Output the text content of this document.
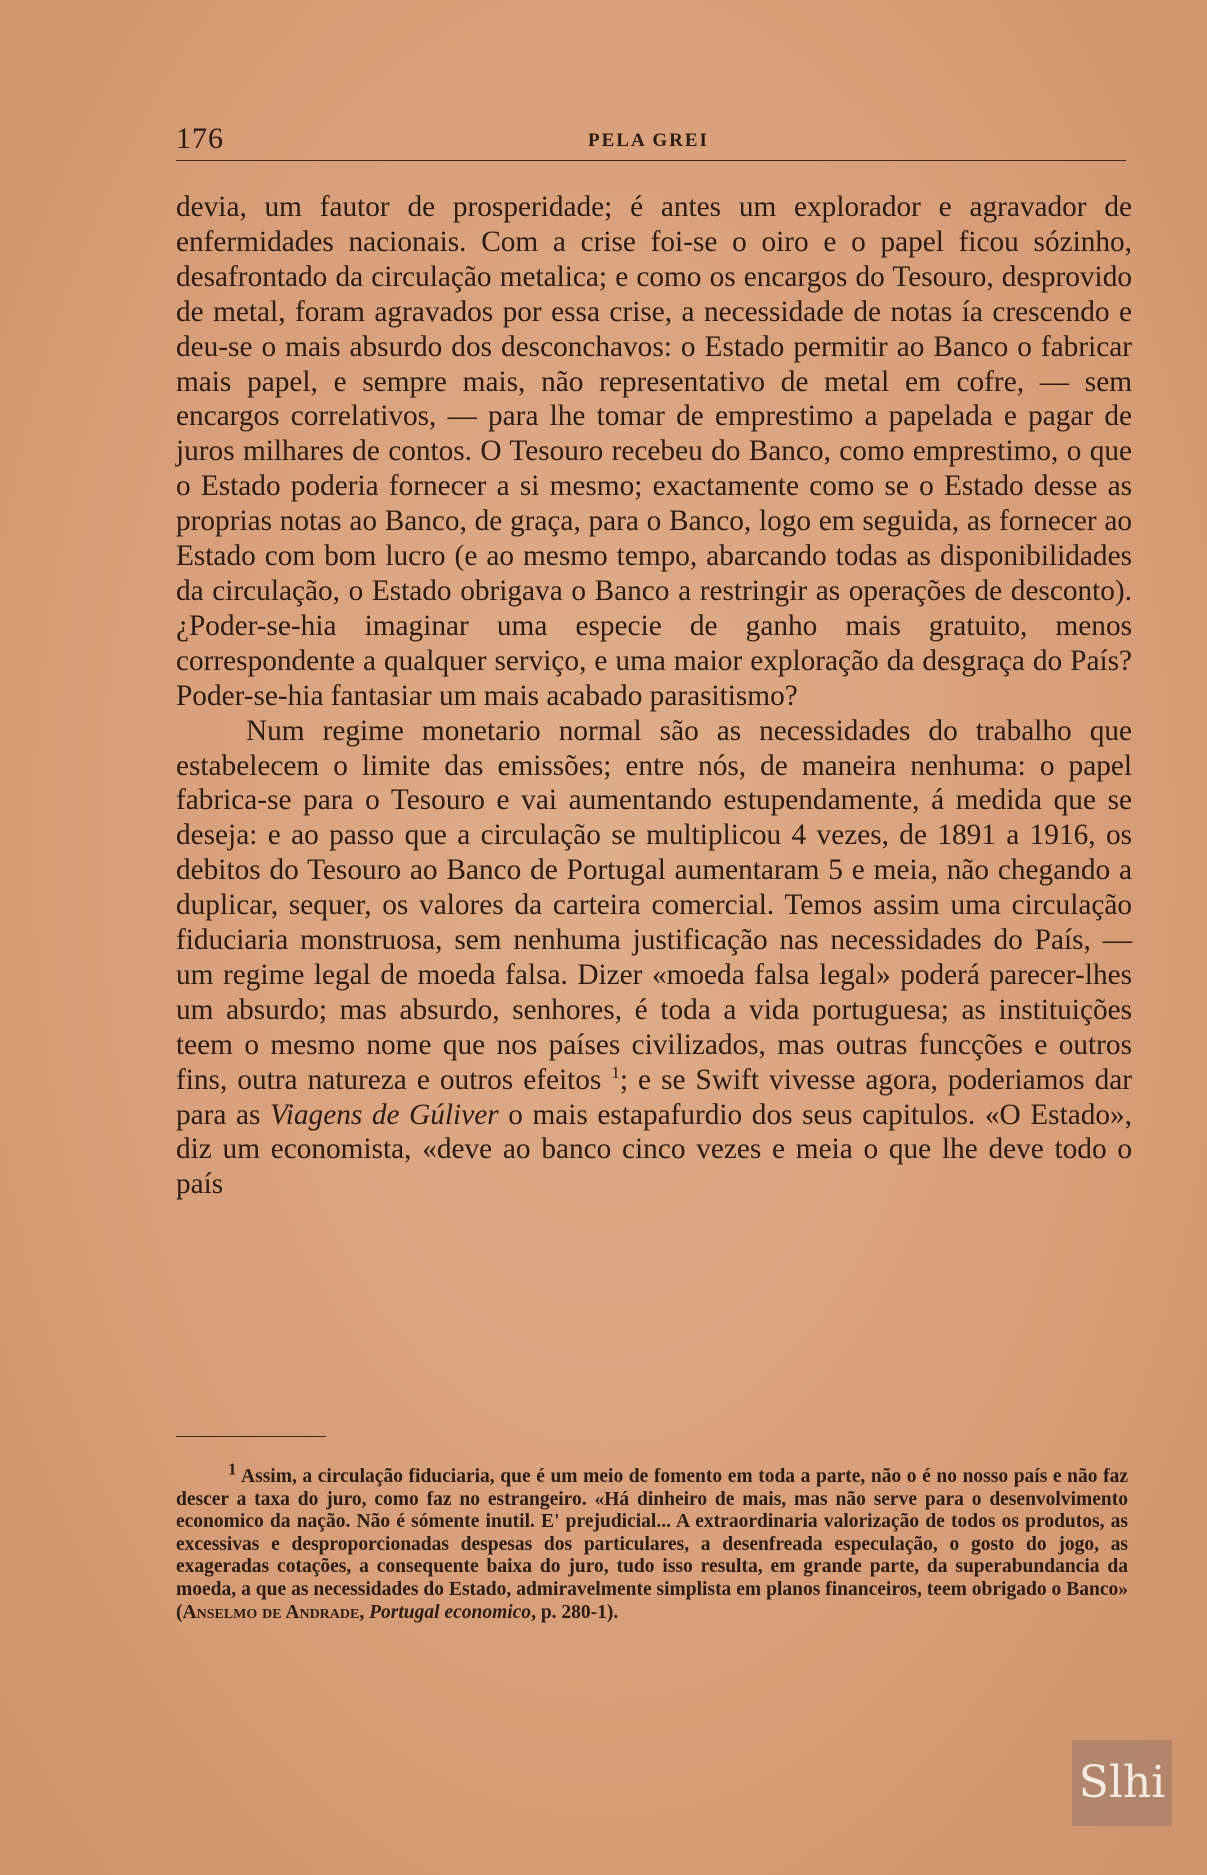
176	PELA GREI

devia, um fautor de prosperidade; é antes um explorador e agravador de enfermidades nacionais. Com a crise foi-se o oiro e o papel ficou sózinho, desafrontado da circulação metalica; e como os encargos do Tesouro, desprovido de metal, foram agravados por essa crise, a necessidade de notas ía crescendo e deu-se o mais absurdo dos desconchavos: o Estado permitir ao Banco o fabricar mais papel, e sempre mais, não representativo de metal em cofre, — sem encargos correlativos, — para lhe tomar de emprestimo a papelada e pagar de juros milhares de contos. O Tesouro recebeu do Banco, como emprestimo, o que o Estado poderia fornecer a si mesmo; exactamente como se o Estado desse as proprias notas ao Banco, de graça, para o Banco, logo em seguida, as fornecer ao Estado com bom lucro (e ao mesmo tempo, abarcando todas as disponibilidades da circulação, o Estado obrigava o Banco a restringir as operações de desconto). ¿Poder-se-hia imaginar uma especie de ganho mais gratuito, menos correspondente a qualquer serviço, e uma maior exploração da desgraça do País? Poder-se-hia fantasiar um mais acabado parasitismo?

Num regime monetario normal são as necessidades do trabalho que estabelecem o limite das emissões; entre nós, de maneira nenhuma: o papel fabrica-se para o Tesouro e vai aumentando estupendamente, á medida que se deseja: e ao passo que a circulação se multiplicou 4 vezes, de 1891 a 1916, os debitos do Tesouro ao Banco de Portugal aumentaram 5 e meia, não chegando a duplicar, sequer, os valores da carteira comercial. Temos assim uma circulação fiduciaria monstruosa, sem nenhuma justificação nas necessidades do País, — um regime legal de moeda falsa. Dizer «moeda falsa legal» poderá parecer-lhes um absurdo; mas absurdo, senhores, é toda a vida portuguesa; as instituições teem o mesmo nome que nos países civilizados, mas outras funcções e outros fins, outra natureza e outros efeitos $^1$; e se Swift vivesse agora, poderiamos dar para as Viagens de Gúliver o mais estapafurdio dos seus capitulos. «O Estado», diz um economista, «deve ao banco cinco vezes e meia o que lhe deve todo o país

$^1$ Assim, a circulação fiduciaria, que é um meio de fomento em toda a parte, não o é no nosso país e não faz descer a taxa do juro, como faz no estrangeiro. «Há dinheiro de mais, mas não serve para o desenvolvimento economico da nação. Não é sómente inutil. E' prejudicial... A extraordinaria valorização de todos os produtos, as excessivas e desproporcionadas despesas dos particulares, a desenfreada especulação, o gosto do jogo, as exageradas cotações, a consequente baixa do juro, tudo isso resulta, em grande parte, da superabundancia da moeda, a que as necessidades do Estado, admiravelmente simplista em planos financeiros, teem obrigado o Banco» (Anselmo de Andrade, Portugal economico, p. 280-1).

Slhi
